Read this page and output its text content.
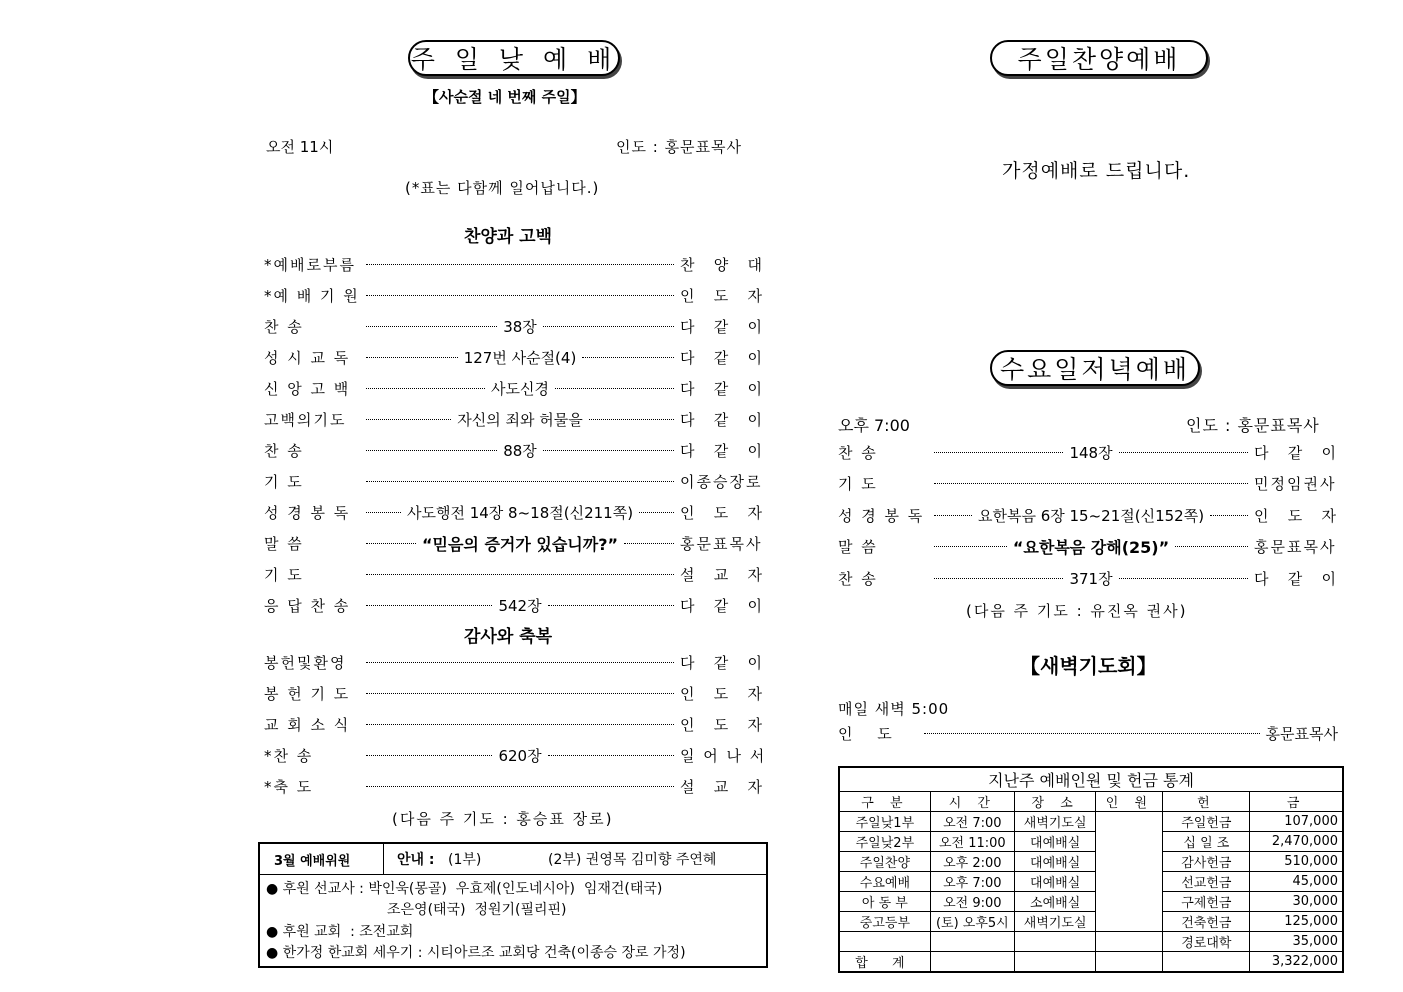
주 일 낮 예 배
【사순절 네 번째 주일】
오전 11시	인도 : 홍문표목사
(*표는 다함께 일어납니다.)
찬양과 고백
*예배로부름	찬 양 대
*예 배 기 원	인 도 자
찬 송	38장	다 같 이
성 시 교 독	127번 사순절(4)	다 같 이
신 앙 고 백	사도신경	다 같 이
고백의기도	자신의 죄와 허물을	다 같 이
찬 송	88장	다 같 이
기 도	이종승장로
성 경 봉 독	사도행전 14장 8~18절(신211쪽)	인 도 자
말 씀	“믿음의 증거가 있습니까?”	홍문표목사
기 도	설 교 자
응 답 찬 송	542장	다 같 이
감사와 축복
봉헌및환영	다 같 이
봉 헌 기 도	인 도 자
교 회 소 식	인 도 자
*찬 송	620장	일 어 나 서
*축 도	설 교 자
(다음 주 기도 : 홍승표 장로)
3월 예배위원	안내 : (1부)	(2부) 권영목 김미향 주연혜
● 후원 선교사 : 박인욱(몽골)  우효제(인도네시아)  임재건(태국)
조은영(태국)  정원기(필리핀)
● 후원 교회  : 조전교회
● 한가정 한교회 세우기 : 시티아르조 교회당 건축(이종승 장로 가정)
주일찬양예배
가정예배로 드립니다.
수요일저녁예배
오후 7:00	인도 : 홍문표목사
찬 송	148장	다 같 이
기 도	민정임권사
성 경 봉 독	요한복음 6장 15~21절(신152쪽)	인 도 자
말 씀	“요한복음 강해(25)”	홍문표목사
찬 송	371장	다 같 이
(다음 주 기도 : 유진옥 권사)
【새벽기도회】
매일 새벽 5:00
인 도	홍문표목사
지난주 예배인원 및 헌금 통계					
구 분	시 간	장 소	인 원	헌	금
주일낮1부	오전 7:00	새벽기도실		주일헌금	107,000
주일낮2부	오전 11:00	대예배실		십 일 조	2,470,000
주일찬양	오후 2:00	대예배실		감사헌금	510,000
수요예배	오후 7:00	대예배실		선교헌금	45,000
아 동 부	오전 9:00	소예배실		구제헌금	30,000
중고등부	(토) 오후5시	새벽기도실		건축헌금	125,000
				경로대학	35,000
합 계					3,322,000
